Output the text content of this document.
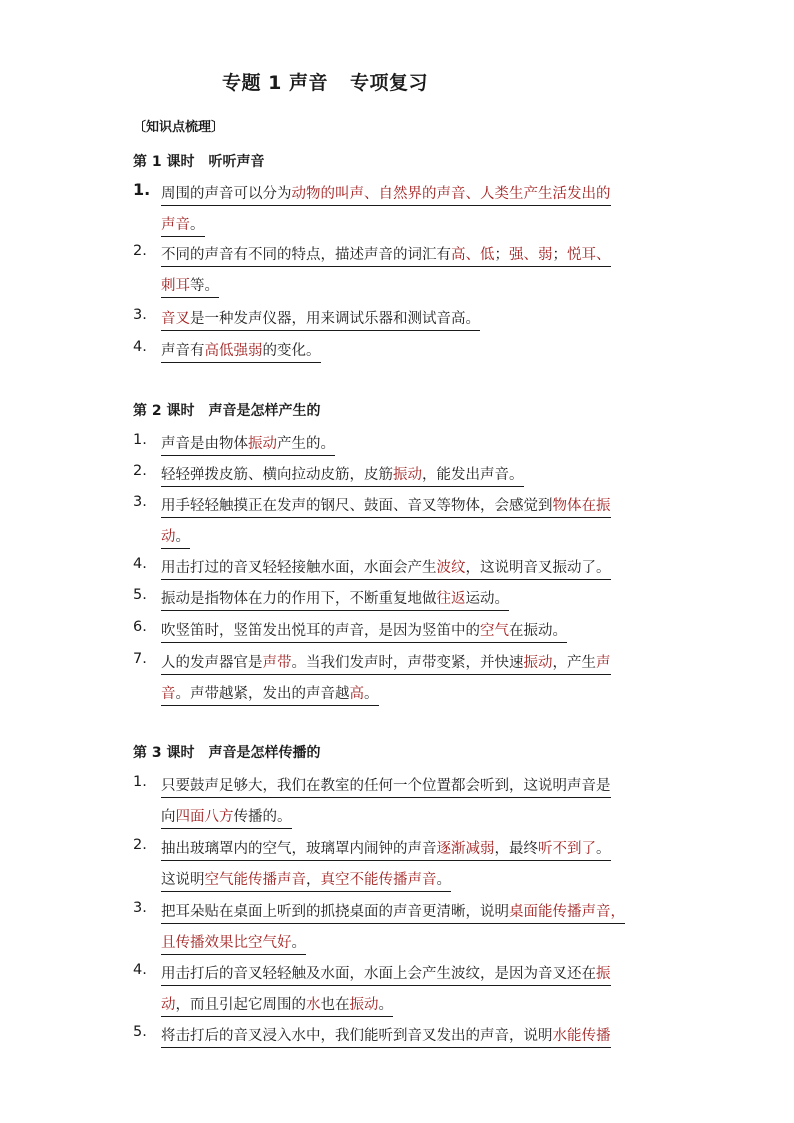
专题 1 声音 专项复习
〔知识点梳理〕
第 1 课时 听听声音
1. 周围的声音可以分为动物的叫声、自然界的声音、人类生产生活发出的
声音。
2. 不同的声音有不同的特点，描述声音的词汇有高、低；强、弱；悦耳、
刺耳等。
3. 音叉是一种发声仪器，用来调试乐器和测试音高。
4. 声音有高低强弱的变化。
第 2 课时 声音是怎样产生的
1. 声音是由物体振动产生的。
2. 轻轻弹拨皮筋、横向拉动皮筋，皮筋振动，能发出声音。
3. 用手轻轻触摸正在发声的钢尺、鼓面、音叉等物体，会感觉到物体在振
动。
4. 用击打过的音叉轻轻接触水面，水面会产生波纹，这说明音叉振动了。
5. 振动是指物体在力的作用下，不断重复地做往返运动。
6. 吹竖笛时，竖笛发出悦耳的声音，是因为竖笛中的空气在振动。
7. 人的发声器官是声带。当我们发声时，声带变紧，并快速振动，产生声
音。声带越紧，发出的声音越高。
第 3 课时 声音是怎样传播的
1. 只要鼓声足够大，我们在教室的任何一个位置都会听到，这说明声音是
向四面八方传播的。
2. 抽出玻璃罩内的空气，玻璃罩内闹钟的声音逐渐减弱，最终听不到了。
这说明空气能传播声音，真空不能传播声音。
3. 把耳朵贴在桌面上听到的抓挠桌面的声音更清晰，说明桌面能传播声音，
且传播效果比空气好。
4. 用击打后的音叉轻轻触及水面，水面上会产生波纹，是因为音叉还在振
动，而且引起它周围的水也在振动。
5. 将击打后的音叉浸入水中，我们能听到音叉发出的声音，说明水能传播
